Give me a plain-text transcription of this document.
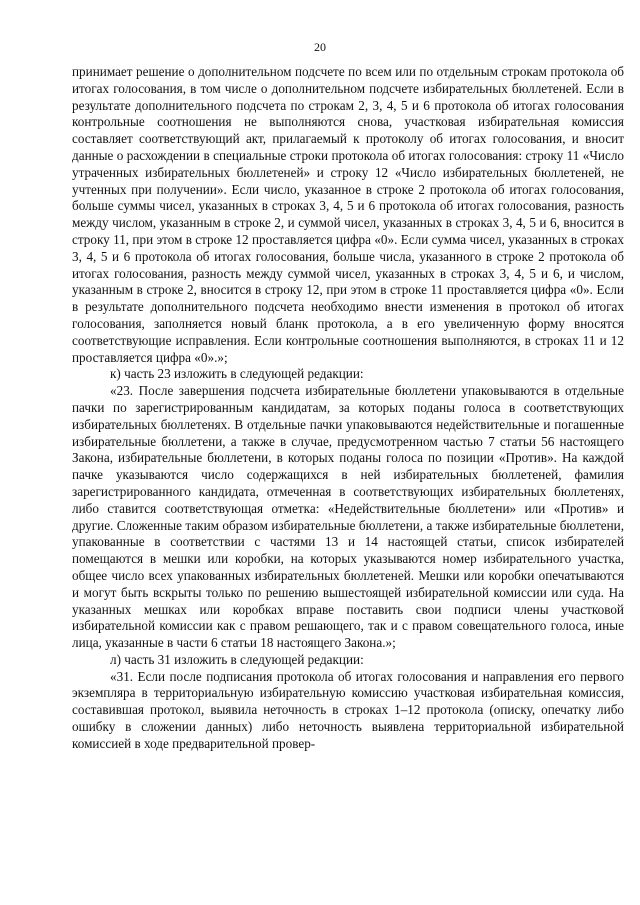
20

принимает решение о дополнительном подсчете по всем или по отдельным строкам протокола об итогах голосования, в том числе о дополнительном подсчете избирательных бюллетеней. Если в результате дополнительного подсчета по строкам 2, 3, 4, 5 и 6 протокола об итогах голосования контрольные соотношения не выполняются снова, участковая избирательная комиссия составляет соответствующий акт, прилагаемый к протоколу об итогах голосования, и вносит данные о расхождении в специальные строки протокола об итогах голосования: строку 11 «Число утраченных избирательных бюллетеней» и строку 12 «Число избирательных бюллетеней, не учтенных при получении». Если число, указанное в строке 2 протокола об итогах голосования, больше суммы чисел, указанных в строках 3, 4, 5 и 6 протокола об итогах голосования, разность между числом, указанным в строке 2, и суммой чисел, указанных в строках 3, 4, 5 и 6, вносится в строку 11, при этом в строке 12 проставляется цифра «0». Если сумма чисел, указанных в строках 3, 4, 5 и 6 протокола об итогах голосования, больше числа, указанного в строке 2 протокола об итогах голосования, разность между суммой чисел, указанных в строках 3, 4, 5 и 6, и числом, указанным в строке 2, вносится в строку 12, при этом в строке 11 проставляется цифра «0». Если в результате дополнительного подсчета необходимо внести изменения в протокол об итогах голосования, заполняется новый бланк протокола, а в его увеличенную форму вносятся соответствующие исправления. Если контрольные соотношения выполняются, в строках 11 и 12 проставляется цифра «0».»;

к) часть 23 изложить в следующей редакции:

«23. После завершения подсчета избирательные бюллетени упаковываются в отдельные пачки по зарегистрированным кандидатам, за которых поданы голоса в соответствующих избирательных бюллетенях. В отдельные пачки упаковываются недействительные и погашенные избирательные бюллетени, а также в случае, предусмотренном частью 7 статьи 56 настоящего Закона, избирательные бюллетени, в которых поданы голоса по позиции «Против». На каждой пачке указываются число содержащихся в ней избирательных бюллетеней, фамилия зарегистрированного кандидата, отмеченная в соответствующих избирательных бюллетенях, либо ставится соответствующая отметка: «Недействительные бюллетени» или «Против» и другие. Сложенные таким образом избирательные бюллетени, а также избирательные бюллетени, упакованные в соответствии с частями 13 и 14 настоящей статьи, список избирателей помещаются в мешки или коробки, на которых указываются номер избирательного участка, общее число всех упакованных избирательных бюллетеней. Мешки или коробки опечатываются и могут быть вскрыты только по решению вышестоящей избирательной комиссии или суда. На указанных мешках или коробках вправе поставить свои подписи члены участковой избирательной комиссии как с правом решающего, так и с правом совещательного голоса, иные лица, указанные в части 6 статьи 18 настоящего Закона.»;

л) часть 31 изложить в следующей редакции:

«31. Если после подписания протокола об итогах голосования и направления его первого экземпляра в территориальную избирательную комиссию участковая избирательная комиссия, составившая протокол, выявила неточность в строках 1–12 протокола (описку, опечатку либо ошибку в сложении данных) либо неточность выявлена территориальной избирательной комиссией в ходе предварительной провер-
